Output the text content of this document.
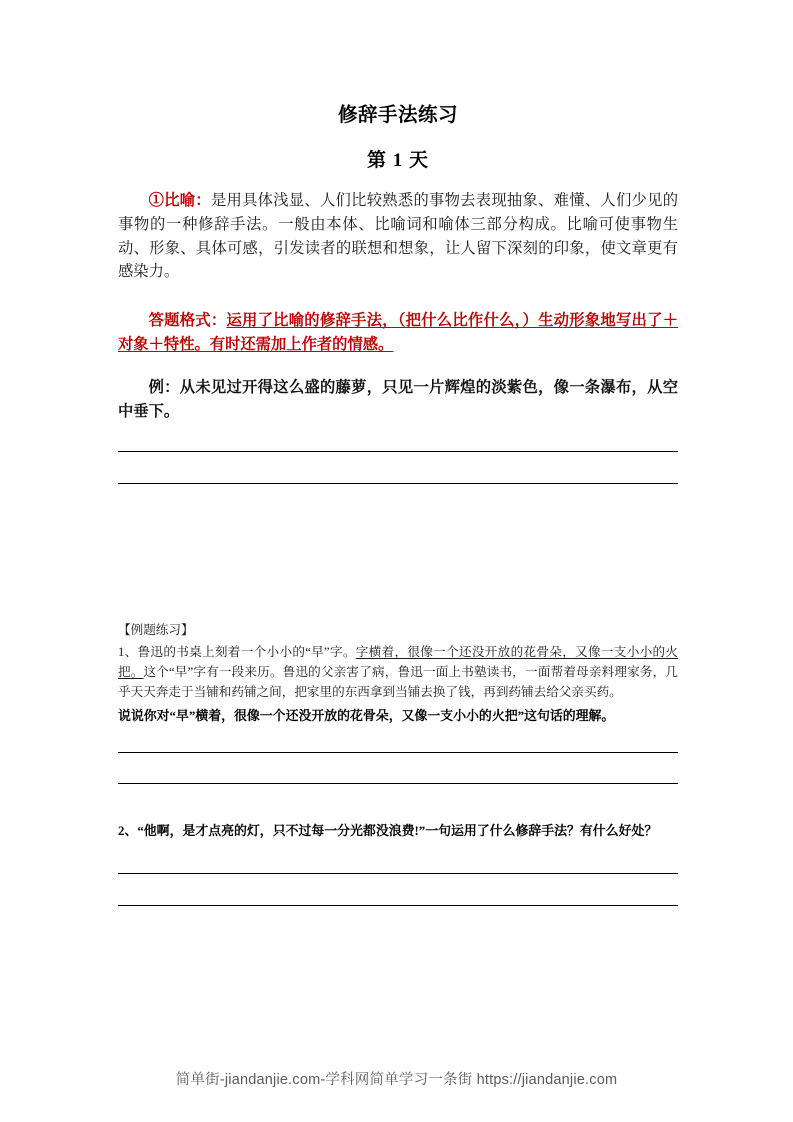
修辞手法练习
第 1 天

①比喻：是用具体浅显、人们比较熟悉的事物去表现抽象、难懂、人们少见的事物的一种修辞手法。一般由本体、比喻词和喻体三部分构成。比喻可使事物生动、形象、具体可感，引发读者的联想和想象，让人留下深刻的印象，使文章更有感染力。

答题格式：运用了比喻的修辞手法，（把什么比作什么，）生动形象地写出了＋对象＋特性。有时还需加上作者的情感。

例：从未见过开得这么盛的藤萝，只见一片辉煌的淡紫色，像一条瀑布，从空中垂下。

【例题练习】

1、鲁迅的书桌上刻着一个小小的“早”字。字横着，很像一个还没开放的花骨朵，又像一支小小的火把。这个“早”字有一段来历。鲁迅的父亲害了病，鲁迅一面上书塾读书，一面帮着母亲料理家务，几乎天天奔走于当铺和药铺之间，把家里的东西拿到当铺去换了钱，再到药铺去给父亲买药。

说说你对“早”横着，很像一个还没开放的花骨朵，又像一支小小的火把”这句话的理解。

2、“他啊，是才点亮的灯，只不过每一分光都没浪费!”一句运用了什么修辞手法？有什么好处？

简单街-jiandanjie.com-学科网简单学习一条街 https://jiandanjie.com
